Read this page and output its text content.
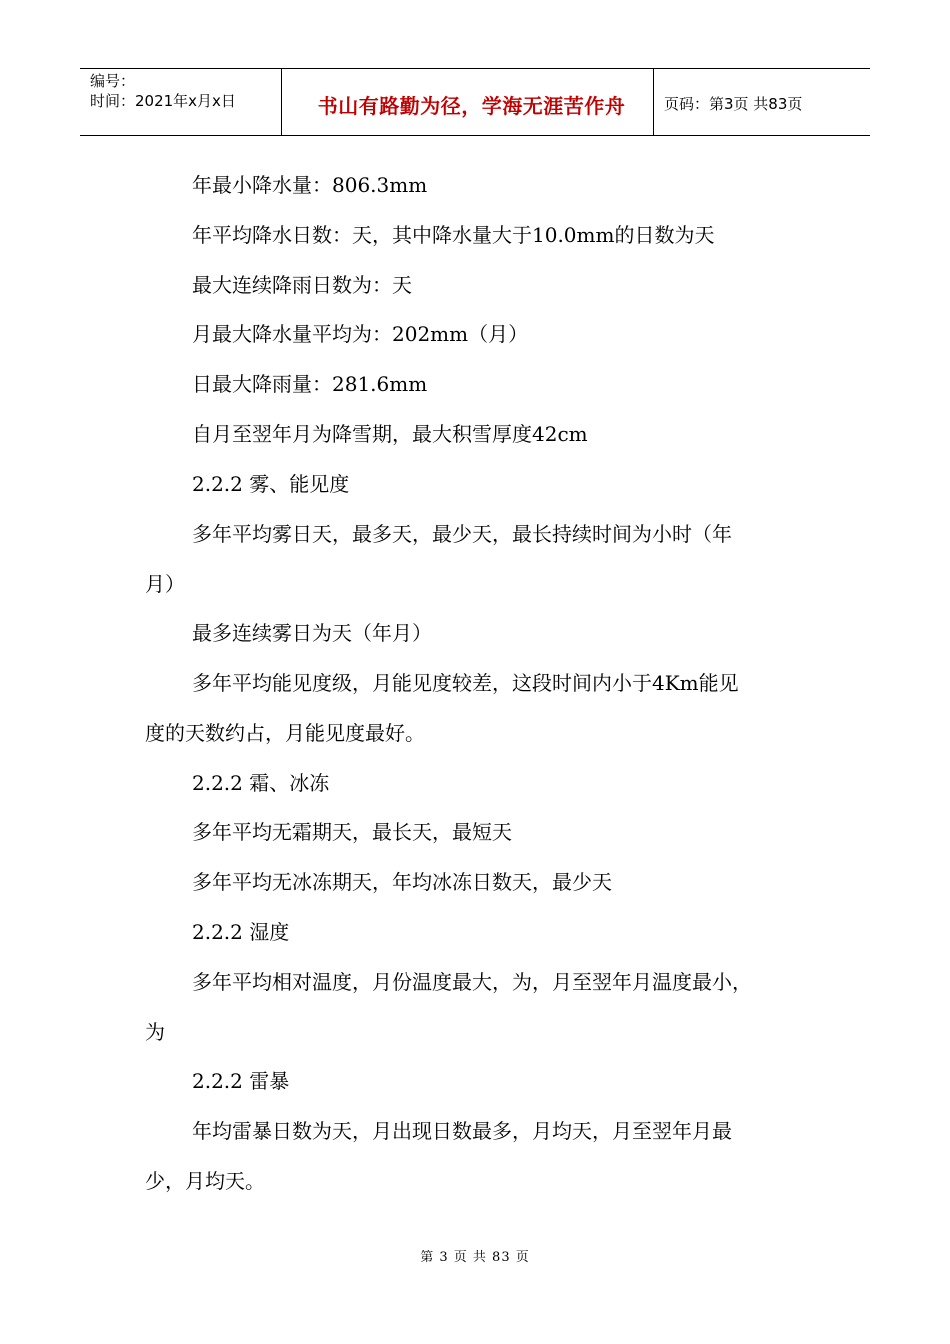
编号：
时间：2021年x月x日	书山有路勤为径，学海无涯苦作舟	页码：第3页 共83页
年最小降水量：806.3mm
年平均降水日数：天，其中降水量大于10.0mm的日数为天
最大连续降雨日数为：天
月最大降水量平均为：202mm（月）
日最大降雨量：281.6mm
自月至翌年月为降雪期，最大积雪厚度42cm
2.2.2 雾、能见度
多年平均雾日天，最多天，最少天，最长持续时间为小时（年
月）
最多连续雾日为天（年月）
多年平均能见度级，月能见度较差，这段时间内小于4Km能见
度的天数约占，月能见度最好。
2.2.2 霜、冰冻
多年平均无霜期天，最长天，最短天
多年平均无冰冻期天，年均冰冻日数天，最少天
2.2.2 湿度
多年平均相对温度，月份温度最大，为，月至翌年月温度最小，
为
2.2.2 雷暴
年均雷暴日数为天，月出现日数最多，月均天，月至翌年月最
少，月均天。
第 3 页 共 83 页
